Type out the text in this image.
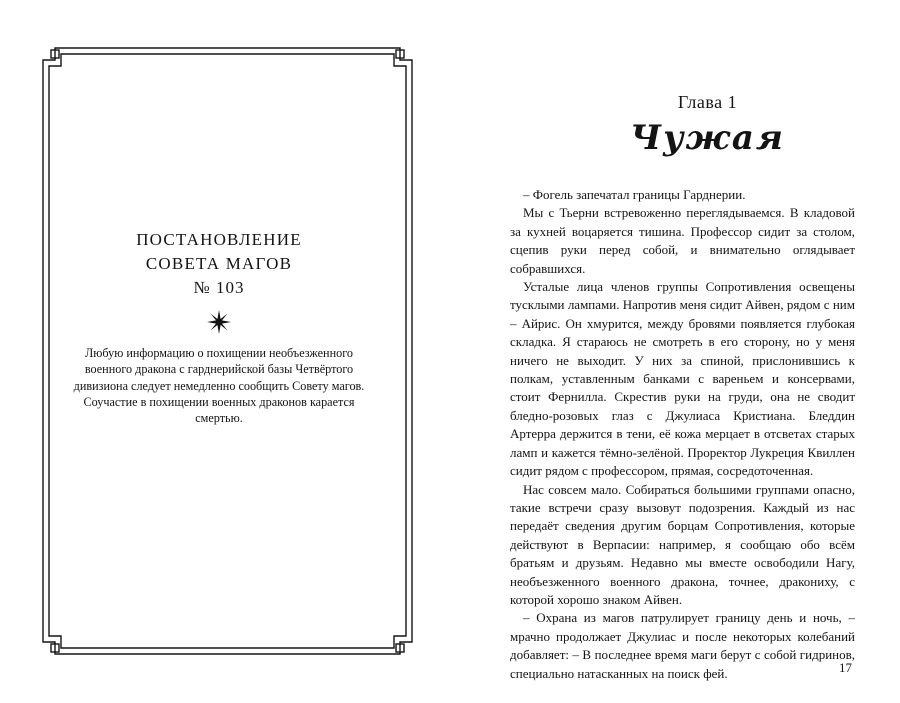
ПОСТАНОВЛЕНИЕ

СОВЕТА МАГОВ

№ 103

Любую информацию о похищении необъезженного военного дракона с гарднерийской базы Четвёртого дивизиона следует немедленно сообщить Совету магов. Соучастие в похищении военных драконов карается смертью.

Глава 1
Чужая

– Фогель запечатал границы Гарднерии.

Мы с Тьерни встревоженно переглядываемся. В кладовой за кухней воцаряется тишина. Профессор сидит за столом, сцепив руки перед собой, и внимательно оглядывает собравшихся.

Усталые лица членов группы Сопротивления освещены тусклыми лампами. Напротив меня сидит Айвен, рядом с ним – Айрис. Он хмурится, между бровями появляется глубокая складка. Я стараюсь не смотреть в его сторону, но у меня ничего не выходит. У них за спиной, прислонившись к полкам, уставленным банками с вареньем и консервами, стоит Фернилла. Скрестив руки на груди, она не сводит бледно-розовых глаз с Джулиаса Кристиана. Бледдин Артерра держится в тени, её кожа мерцает в отсветах старых ламп и кажется тёмно-зелёной. Проректор Лукреция Квиллен сидит рядом с профессором, прямая, сосредоточенная.

Нас совсем мало. Собираться большими группами опасно, такие встречи сразу вызовут подозрения. Каждый из нас передаёт сведения другим борцам Сопротивления, которые действуют в Верпасии: например, я сообщаю обо всём братьям и друзьям. Недавно мы вместе освободили Нагу, необъезженного военного дракона, точнее, дракониху, с которой хорошо знаком Айвен.

– Охрана из магов патрулирует границу день и ночь, – мрачно продолжает Джулиас и после некоторых колебаний добавляет: – В последнее время маги берут с собой гидринов, специально натасканных на поиск фей.	17
